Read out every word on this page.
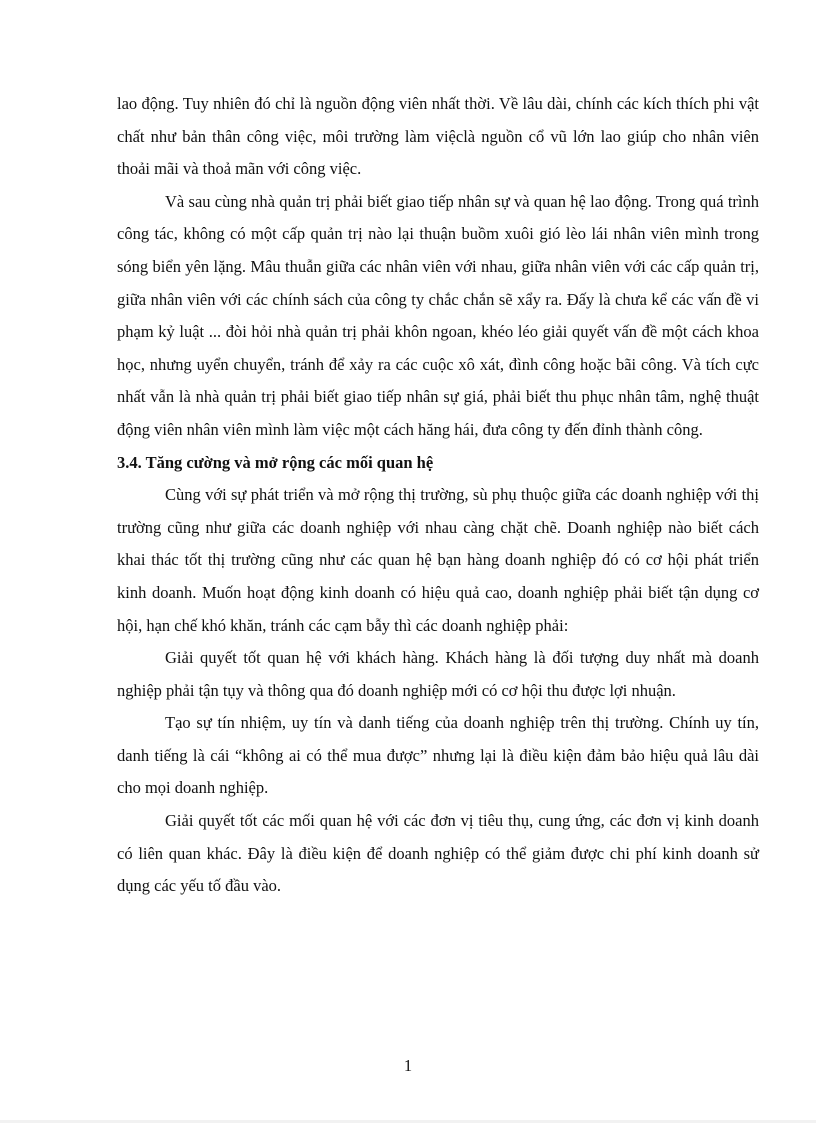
lao động. Tuy nhiên đó chỉ là nguồn động viên nhất thời. Về lâu dài, chính các kích thích phi vật chất như bản thân công việc, môi trường làm việclà nguồn cổ vũ lớn lao giúp cho nhân viên thoải mãi và thoả mãn với công việc.

Và sau cùng nhà quản trị phải biết giao tiếp nhân sự và quan hệ lao động. Trong quá trình công tác, không có một cấp quản trị nào lại thuận buồm xuôi gió lèo lái nhân viên mình trong sóng biển yên lặng. Mâu thuẫn giữa các nhân viên với nhau, giữa nhân viên với các cấp quản trị, giữa nhân viên với các chính sách của công ty chắc chắn sẽ xẩy ra. Đấy là chưa kể các vấn đề vi phạm kỷ luật ... đòi hỏi nhà quản trị phải khôn ngoan, khéo léo giải quyết vấn đề một cách khoa học, nhưng uyển chuyển, tránh để xảy ra các cuộc xô xát, đình công hoặc bãi công. Và tích cực nhất vẫn là nhà quản trị phải biết giao tiếp nhân sự giá, phải biết thu phục nhân tâm, nghệ thuật động viên nhân viên mình làm việc một cách hăng hái, đưa công ty đến đỉnh thành công.

3.4. Tăng cường và mở rộng các mối quan hệ

Cùng với sự phát triển và mở rộng thị trường, sù phụ thuộc giữa các doanh nghiệp với thị trường cũng như giữa các doanh nghiệp với nhau càng chặt chẽ. Doanh nghiệp nào biết cách khai thác tốt thị trường cũng như các quan hệ bạn hàng doanh nghiệp đó có cơ hội phát triển kinh doanh. Muốn hoạt động kinh doanh có hiệu quả cao, doanh nghiệp phải biết tận dụng cơ hội, hạn chế khó khăn, tránh các cạm bẫy thì các doanh nghiệp phải:

Giải quyết tốt quan hệ với khách hàng. Khách hàng là đối tượng duy nhất mà doanh nghiệp phải tận tụy và thông qua đó doanh nghiệp mới có cơ hội thu được lợi nhuận.

Tạo sự tín nhiệm, uy tín và danh tiếng của doanh nghiệp trên thị trường. Chính uy tín, danh tiếng là cái “không ai có thể mua được” nhưng lại là điều kiện đảm bảo hiệu quả lâu dài cho mọi doanh nghiệp.

Giải quyết tốt các mối quan hệ với các đơn vị tiêu thụ, cung ứng, các đơn vị kinh doanh có liên quan khác. Đây là điều kiện để doanh nghiệp có thể giảm được chi phí kinh doanh sử dụng các yếu tố đầu vào.

1
